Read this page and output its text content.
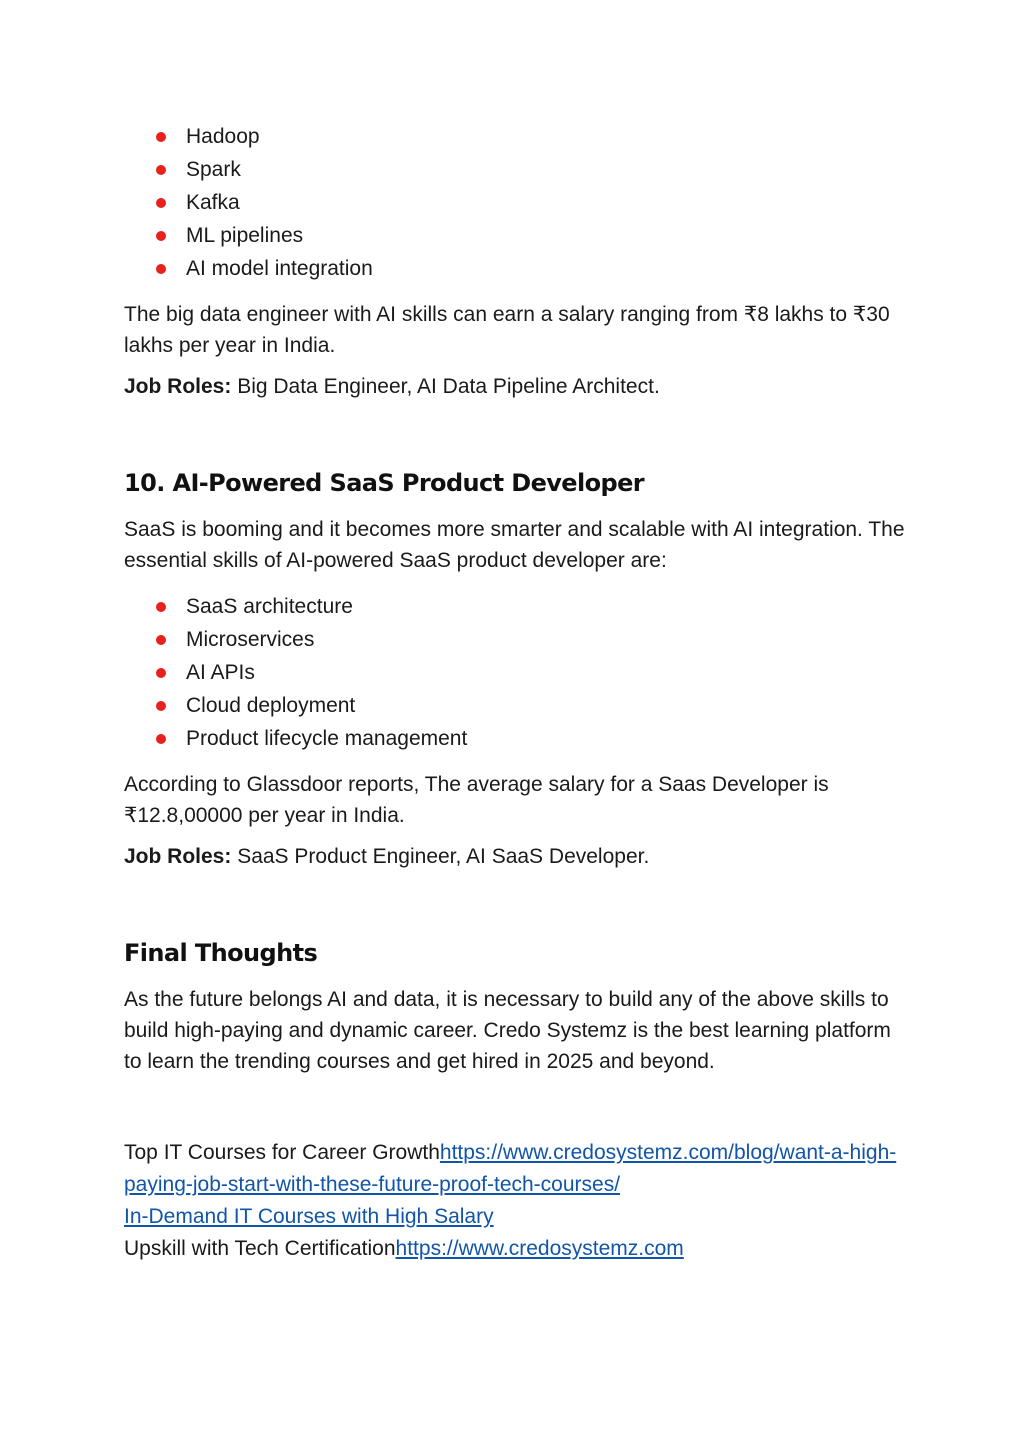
Hadoop
Spark
Kafka
ML pipelines
AI model integration

The big data engineer with AI skills can earn a salary ranging from ₹8 lakhs to ₹30 lakhs per year in India.

Job Roles: Big Data Engineer, AI Data Pipeline Architect.

10. AI-Powered SaaS Product Developer

SaaS is booming and it becomes more smarter and scalable with AI integration. The essential skills of AI-powered SaaS product developer are:

SaaS architecture
Microservices
AI APIs
Cloud deployment
Product lifecycle management

According to Glassdoor reports, The average salary for a Saas Developer is ₹12.8,00000 per year in India.

Job Roles: SaaS Product Engineer, AI SaaS Developer.

Final Thoughts

As the future belongs AI and data, it is necessary to build any of the above skills to build high-paying and dynamic career. Credo Systemz is the best learning platform to learn the trending courses and get hired in 2025 and beyond.

Top IT Courses for Career Growthhttps://www.credosystemz.com/blog/want-a-high-paying-job-start-with-these-future-proof-tech-courses/

In-Demand IT Courses with High Salary

Upskill with Tech Certificationhttps://www.credosystemz.com
